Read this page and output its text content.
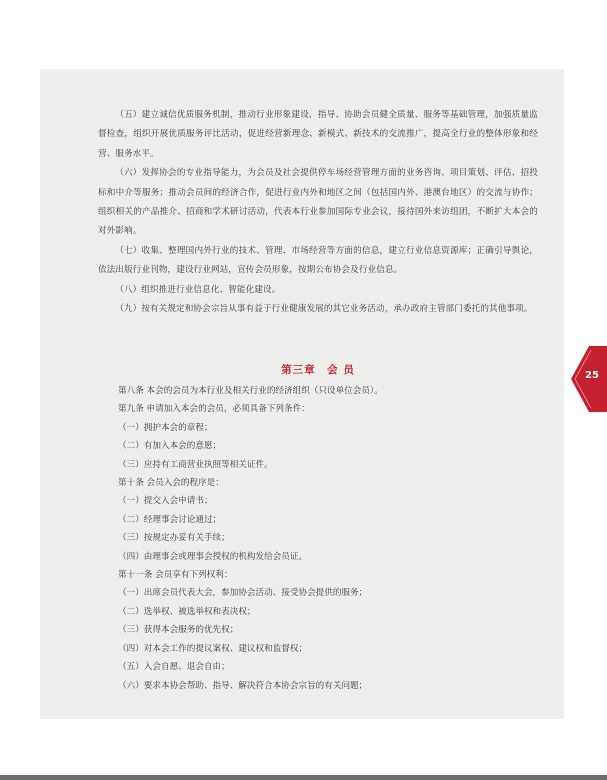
（五）建立诚信优质服务机制，推动行业形象建设，指导、协助会员健全质量、服务等基础管理，加强质量监督检查，组织开展优质服务评比活动，促进经营新理念、新模式、新技术的交流推广，提高全行业的整体形象和经营、服务水平。

（六）发挥协会的专业指导能力，为会员及社会提供停车场经营管理方面的业务咨询、项目策划、评估、招投标和中介等服务；推动会员间的经济合作，促进行业内外和地区之间（包括国内外、港澳台地区）的交流与协作；组织相关的产品推介、招商和学术研讨活动，代表本行业参加国际专业会议，接待国外来访组团，不断扩大本会的对外影响。

（七）收集、整理国内外行业的技术、管理、市场经营等方面的信息，建立行业信息资源库；正确引导舆论，依法出版行业刊物，建设行业网站，宣传会员形象，按期公布协会及行业信息。

（八）组织推进行业信息化、智能化建设。

（九）按有关规定和协会宗旨从事有益于行业健康发展的其它业务活动，承办政府主管部门委托的其他事项。

第三章　会 员
第八条 本会的会员为本行业及相关行业的经济组织（只设单位会员）。
第九条 申请加入本会的会员，必须具备下列条件：
（一）拥护本会的章程；
（二）有加入本会的意愿；
（三）应持有工商营业执照等相关证件。
第十条 会员入会的程序是：
（一）提交入会申请书；
（二）经理事会讨论通过；
（三）按规定办妥有关手续；
（四）由理事会或理事会授权的机构发给会员证。
第十一条 会员享有下列权利：
（一）出席会员代表大会，参加协会活动、接受协会提供的服务；
（二）选举权、被选举权和表决权；
（三）获得本会服务的优先权；
（四）对本会工作的提议案权、建议权和监督权；
（五）入会自愿、退会自由；
（六）要求本协会帮助、指导、解决符合本协会宗旨的有关问题；
25
